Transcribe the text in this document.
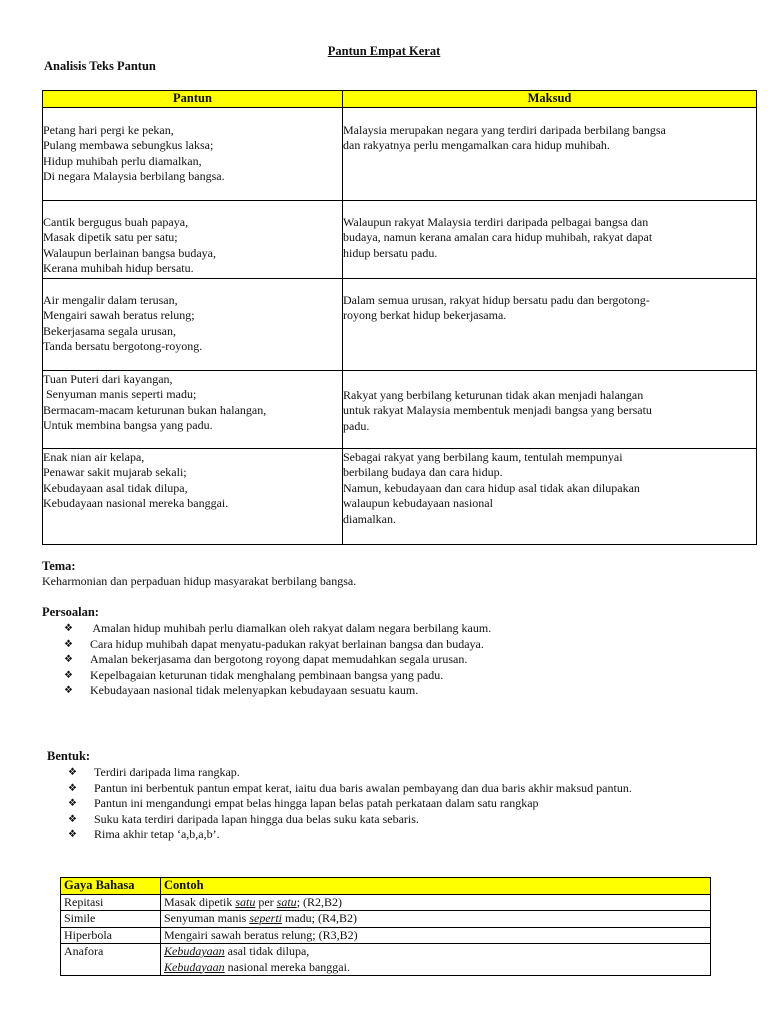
Pantun Empat Kerat
Analisis Teks Pantun
Pantun	Maksud

Petang hari pergi ke pekan,
Pulang membawa sebungkus laksa;
Hidup muhibah perlu diamalkan,
Di negara Malaysia berbilang bangsa.	Malaysia merupakan negara yang terdiri daripada berbilang bangsa
dan rakyatnya perlu mengamalkan cara hidup muhibah.

Cantik bergugus buah papaya,
Masak dipetik satu per satu;
Walaupun berlainan bangsa budaya,
Kerana muhibah hidup bersatu.	Walaupun rakyat Malaysia terdiri daripada pelbagai bangsa dan
budaya, namun kerana amalan cara hidup muhibah, rakyat dapat
hidup bersatu padu.

Air mengalir dalam terusan,
Mengairi sawah beratus relung;
Bekerjasama segala urusan,
Tanda bersatu bergotong-royong.	Dalam semua urusan, rakyat hidup bersatu padu dan bergotong-
royong berkat hidup bekerjasama.

Tuan Puteri dari kayangan,
Senyuman manis seperti madu;
Bermacam-macam keturunan bukan halangan,
Untuk membina bangsa yang padu.	Rakyat yang berbilang keturunan tidak akan menjadi halangan
untuk rakyat Malaysia membentuk menjadi bangsa yang bersatu
padu.

Enak nian air kelapa,
Penawar sakit mujarab sekali;
Kebudayaan asal tidak dilupa,
Kebudayaan nasional mereka banggai.	Sebagai rakyat yang berbilang kaum, tentulah mempunyai
berbilang budaya dan cara hidup.
Namun, kebudayaan dan cara hidup asal tidak akan dilupakan
walaupun kebudayaan nasional
diamalkan.
Tema:
Keharmonian dan perpaduan hidup masyarakat berbilang bangsa.
Persoalan:
❖ Amalan hidup muhibah perlu diamalkan oleh rakyat dalam negara berbilang kaum.
❖ Cara hidup muhibah dapat menyatu-padukan rakyat berlainan bangsa dan budaya.
❖ Amalan bekerjasama dan bergotong royong dapat memudahkan segala urusan.
❖ Kepelbagaian keturunan tidak menghalang pembinaan bangsa yang padu.
❖ Kebudayaan nasional tidak melenyapkan kebudayaan sesuatu kaum.
Bentuk:
❖ Terdiri daripada lima rangkap.
❖ Pantun ini berbentuk pantun empat kerat, iaitu dua baris awalan pembayang dan dua baris akhir maksud pantun.
❖ Pantun ini mengandungi empat belas hingga lapan belas patah perkataan dalam satu rangkap
❖ Suku kata terdiri daripada lapan hingga dua belas suku kata sebaris.
❖ Rima akhir tetap ‘a,b,a,b’.
Gaya Bahasa	Contoh
Repitasi	Masak dipetik satu per satu; (R2,B2)
Simile	Senyuman manis seperti madu; (R4,B2)
Hiperbola	Mengairi sawah beratus relung; (R3,B2)
Anafora	Kebudayaan asal tidak dilupa,
Kebudayaan nasional mereka banggai.
